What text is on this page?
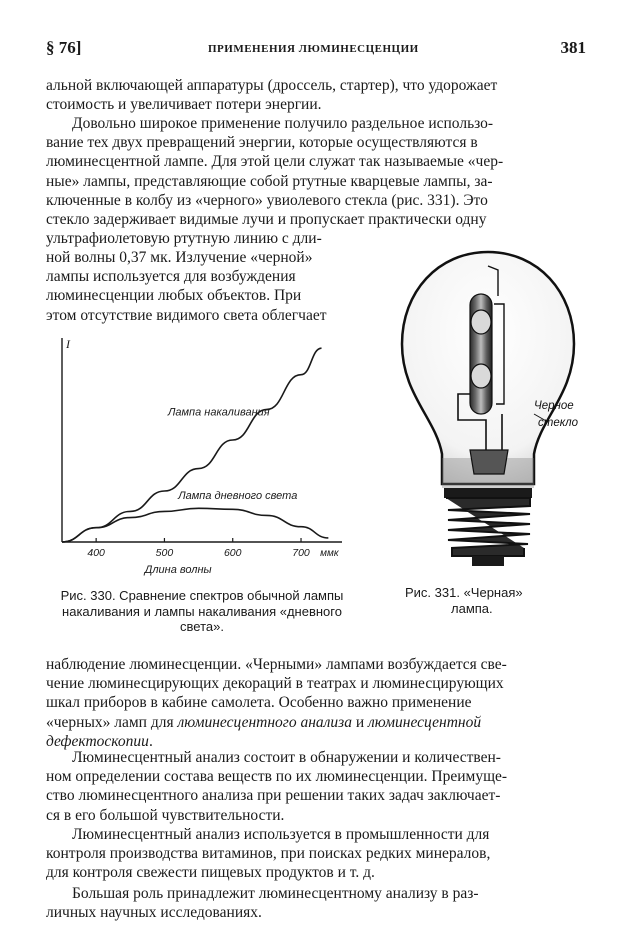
§ 76]	ПРИМЕНЕНИЯ ЛЮМИНЕСЦЕНЦИИ	381
альной включающей аппаратуры (дроссель, стартер), что удорожает
стоимость и увеличивает потери энергии.
Довольно широкое применение получило раздельное использо-
вание тех двух превращений энергии, которые осуществляются в
люминесцентной лампе. Для этой цели служат так называемые «чер-
ные» лампы, представляющие собой ртутные кварцевые лампы, за-
ключенные в колбу из «черного» увиолевого стекла (рис. 331). Это
стекло задерживает видимые лучи и пропускает практически одну
ультрафиолетовую ртутную линию с дли-
ной волны 0,37 мк. Излучение «черной»
лампы используется для возбуждения
люминесценции любых объектов. При
этом отсутствие видимого света облегчает
I
400	500	600	700
Лампа накаливания
Лампа дневного света
ммк
Длина волны
Рис. 330. Сравнение спектров обычной лампы
накаливания и лампы накаливания «дневного
света».
Черное
стекло
Рис. 331. «Черная»
лампа.
наблюдение люминесценции. «Черными» лампами возбуждается све-
чение люминесцирующих декораций в театрах и люминесцирующих
шкал приборов в кабине самолета. Особенно важно применение
«черных» ламп для люминесцентного анализа и люминесцентной
дефектоскопии.
Люминесцентный анализ состоит в обнаружении и количествен-
ном определении состава веществ по их люминесценции. Преимуще-
ство люминесцентного анализа при решении таких задач заключает-
ся в его большой чувствительности.
Люминесцентный анализ используется в промышленности для
контроля производства витаминов, при поисках редких минералов,
для контроля свежести пищевых продуктов и т. д.
Большая роль принадлежит люминесцентному анализу в раз-
личных научных исследованиях.
